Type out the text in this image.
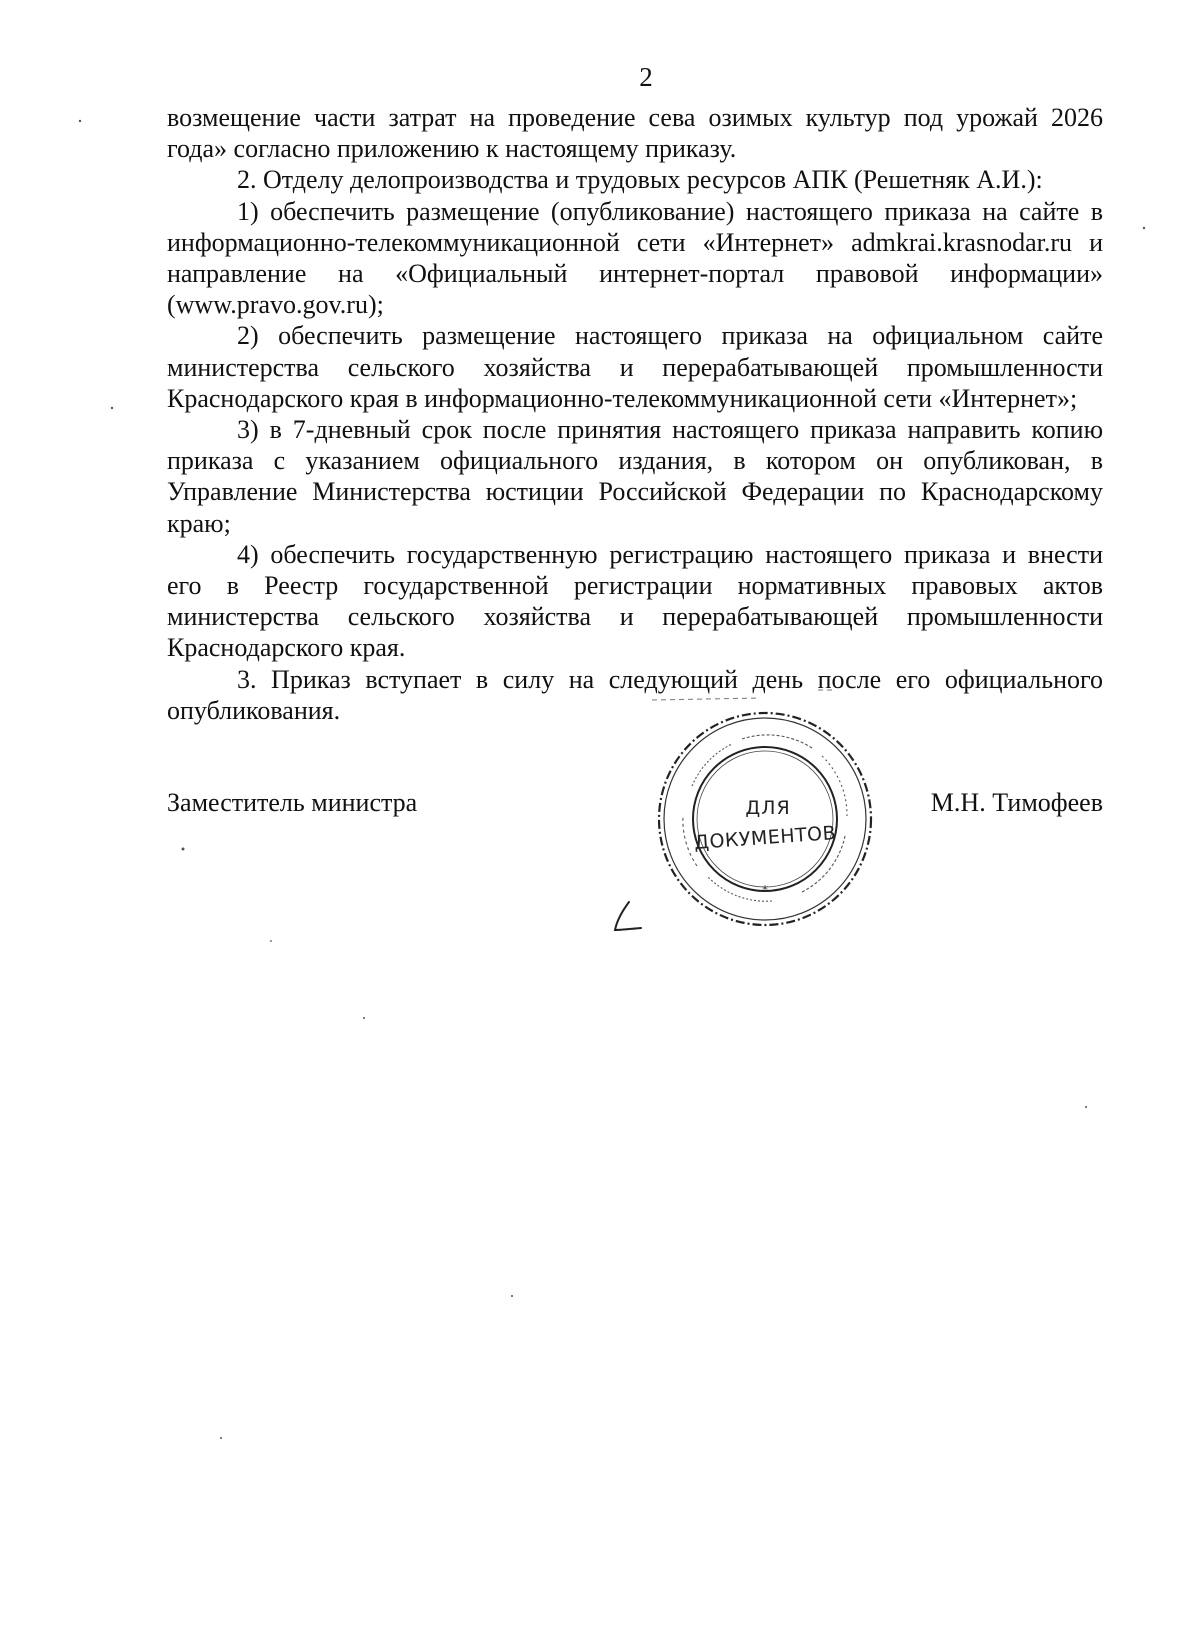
2

возмещение части затрат на проведение сева озимых культур под урожай 2026 года» согласно приложению к настоящему приказу.

2. Отделу делопроизводства и трудовых ресурсов АПК (Решетняк А.И.):

1) обеспечить размещение (опубликование) настоящего приказа на сайте в информационно-телекоммуникационной сети «Интернет» admkrai.krasnodar.ru и направление на «Официальный интернет-портал правовой информации» (www.pravo.gov.ru);

2) обеспечить размещение настоящего приказа на официальном сайте министерства сельского хозяйства и перерабатывающей промышленности Краснодарского края в информационно-телекоммуникационной сети «Интернет»;

3) в 7-дневный срок после принятия настоящего приказа направить копию приказа с указанием официального издания, в котором он опубликован, в Управление Министерства юстиции Российской Федерации по Краснодарскому краю;

4) обеспечить государственную регистрацию настоящего приказа и внести его в Реестр государственной регистрации нормативных правовых актов министерства сельского хозяйства и перерабатывающей промышленности Краснодарского края.

3. Приказ вступает в силу на следующий день после его официального опубликования.

Заместитель министра	М.Н. Тимофеев
*
ДЛЯ
ДОКУМЕНТОВ
